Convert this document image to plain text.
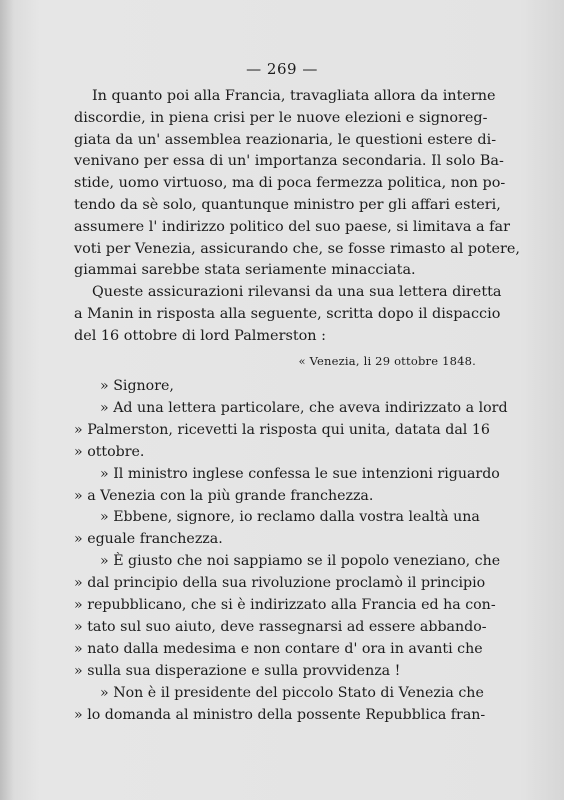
— 269 —
In quanto poi alla Francia, travagliata allora da interne
discordie, in piena crisi per le nuove elezioni e signoreg-
giata da un' assemblea reazionaria, le questioni estere di-
venivano per essa di un' importanza secondaria. Il solo Ba-
stide, uomo virtuoso, ma di poca fermezza politica, non po-
tendo da sè solo, quantunque ministro per gli affari esteri,
assumere l' indirizzo politico del suo paese, si limitava a far
voti per Venezia, assicurando che, se fosse rimasto al potere,
giammai sarebbe stata seriamente minacciata.
Queste assicurazioni rilevansi da una sua lettera diretta
a Manin in risposta alla seguente, scritta dopo il dispaccio
del 16 ottobre di lord Palmerston :
« Venezia, li 29 ottobre 1848.
» Signore,
» Ad una lettera particolare, che aveva indirizzato a lord
» Palmerston, ricevetti la risposta qui unita, datata dal 16
» ottobre.
» Il ministro inglese confessa le sue intenzioni riguardo
» a Venezia con la più grande franchezza.
» Ebbene, signore, io reclamo dalla vostra lealtà una
» eguale franchezza.
» È giusto che noi sappiamo se il popolo veneziano, che
» dal principio della sua rivoluzione proclamò il principio
» repubblicano, che si è indirizzato alla Francia ed ha con-
» tato sul suo aiuto, deve rassegnarsi ad essere abbando-
» nato dalla medesima e non contare d' ora in avanti che
» sulla sua disperazione e sulla provvidenza !
» Non è il presidente del piccolo Stato di Venezia che
» lo domanda al ministro della possente Repubblica fran-
